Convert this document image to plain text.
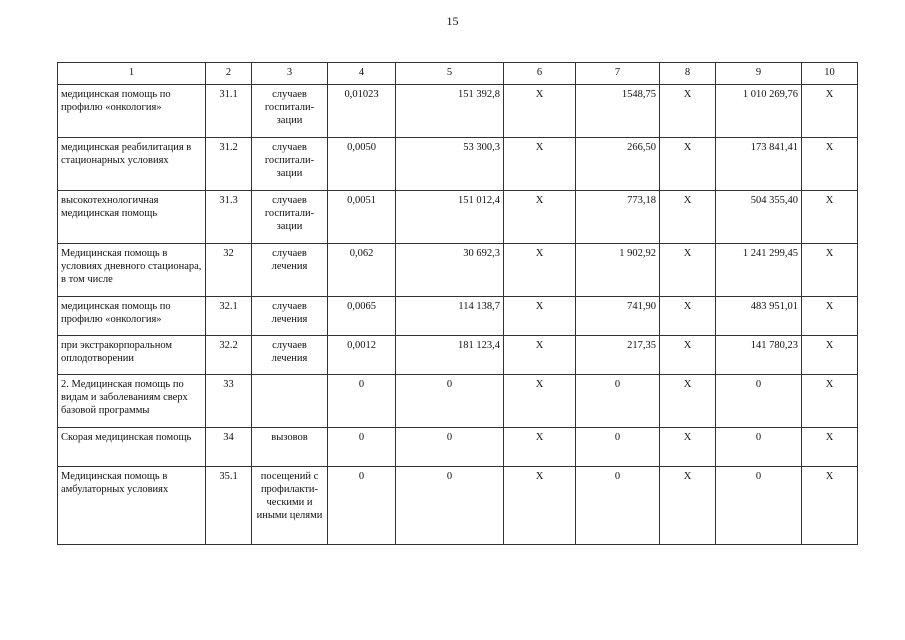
15
1	2	3	4	5	6	7	8	9	10
медицинская помощь по профилю «онкология»	31.1	случаев госпитали-зации	0,01023	151 392,8	X	1548,75	X	1 010 269,76	X
медицинская реабилитация в стационарных условиях	31.2	случаев госпитали-зации	0,0050	53 300,3	X	266,50	X	173 841,41	X
высокотехнологичная медицинская помощь	31.3	случаев госпитали-зации	0,0051	151 012,4	X	773,18	X	504 355,40	X
Медицинская помощь в условиях дневного стационара, в том числе	32	случаев лечения	0,062	30 692,3	X	1 902,92	X	1 241 299,45	X
медицинская помощь по профилю «онкология»	32.1	случаев лечения	0,0065	114 138,7	X	741,90	X	483 951,01	X
при экстракорпоральном оплодотворении	32.2	случаев лечения	0,0012	181 123,4	X	217,35	X	141 780,23	X
2. Медицинская помощь по видам и заболеваниям сверх базовой программы	33		0	0	X	0	X	0	X
Скорая медицинская помощь	34	вызовов	0	0	X	0	X	0	X
Медицинская помощь в амбулаторных условиях	35.1	посещений с профилакти-ческими и иными целями	0	0	X	0	X	0	X
